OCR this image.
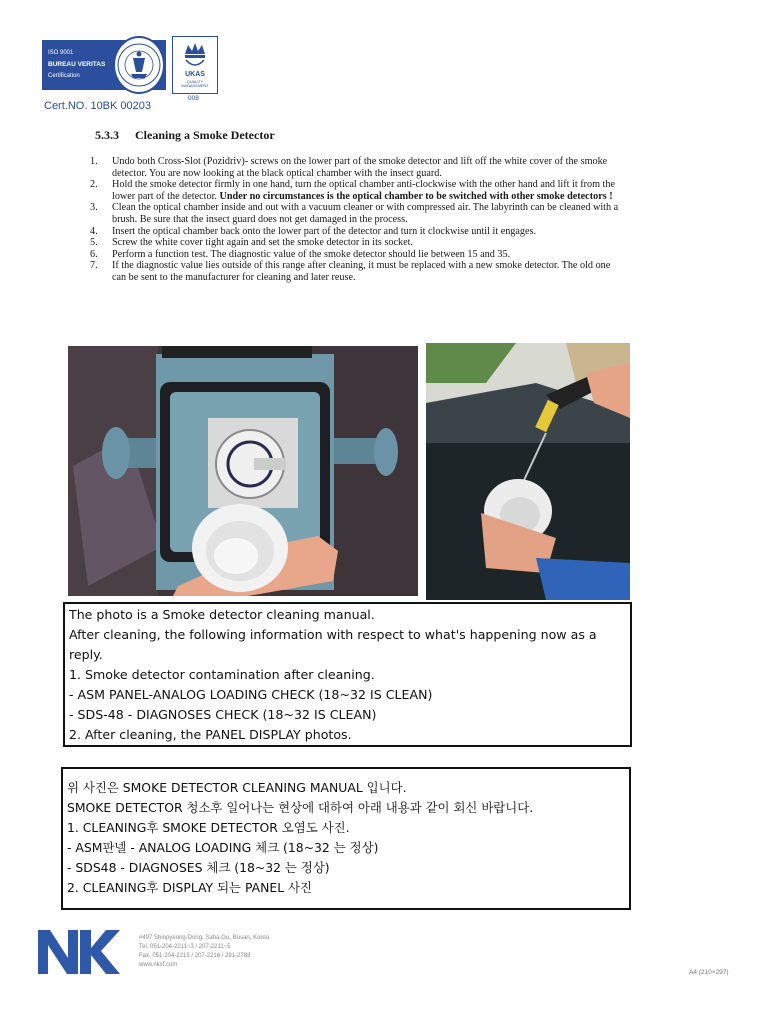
ISO 9001
BUREAU VERITAS
Certification	UKAS
QUALITY
MANAGEMENT
008
Cert.NO. 10BK 00203
5.3.3 Cleaning a Smoke Detector
1. Undo both Cross-Slot (Pozidriv)- screws on the lower part of the smoke detector and lift off the white cover of the smoke detector. You are now looking at the black optical chamber with the insect guard.
2. Hold the smoke detector firmly in one hand, turn the optical chamber anti-clockwise with the other hand and lift it from the lower part of the detector. Under no circumstances is the optical chamber to be switched with other smoke detectors !
3. Clean the optical chamber inside and out with a vacuum cleaner or with compressed air. The labyrinth can be cleaned with a brush. Be sure that the insect guard does not get damaged in the process.
4. Insert the optical chamber back onto the lower part of the detector and turn it clockwise until it engages.
5. Screw the white cover tight again and set the smoke detector in its socket.
6. Perform a function test. The diagnostic value of the smoke detector should lie between 15 and 35.
7. If the diagnostic value lies outside of this range after cleaning, it must be replaced with a new smoke detector. The old one can be sent to the manufacturer for cleaning and later reuse.
The photo is a Smoke detector cleaning manual.
After cleaning, the following information with respect to what's happening now as a reply.
1. Smoke detector contamination after cleaning.
- ASM PANEL-ANALOG LOADING CHECK (18~32 IS CLEAN)
- SDS-48 - DIAGNOSES CHECK (18~32 IS CLEAN)
2. After cleaning, the PANEL DISPLAY photos.
위 사진은 SMOKE DETECTOR CLEANING MANUAL 입니다.
SMOKE DETECTOR 청소후 일어나는 현상에 대하여 아래 내용과 같이 회신 바랍니다.
1. CLEANING후 SMOKE DETECTOR 오염도 사진.
- ASM판넬 - ANALOG LOADING 체크 (18~32 는 정상)
- SDS48 - DIAGNOSES 체크 (18~32 는 정상)
2. CLEANING후 DISPLAY 되는 PANEL 사진
#497 Shinpyeong-Dong, Saha-Gu, Busan, Korea
Tel. 051-204-2211~3 / 207-2211~5
Fax. 051-204-2215 / 207-2216 / 291-2788
www.nksf.com
A4 (210×297)
